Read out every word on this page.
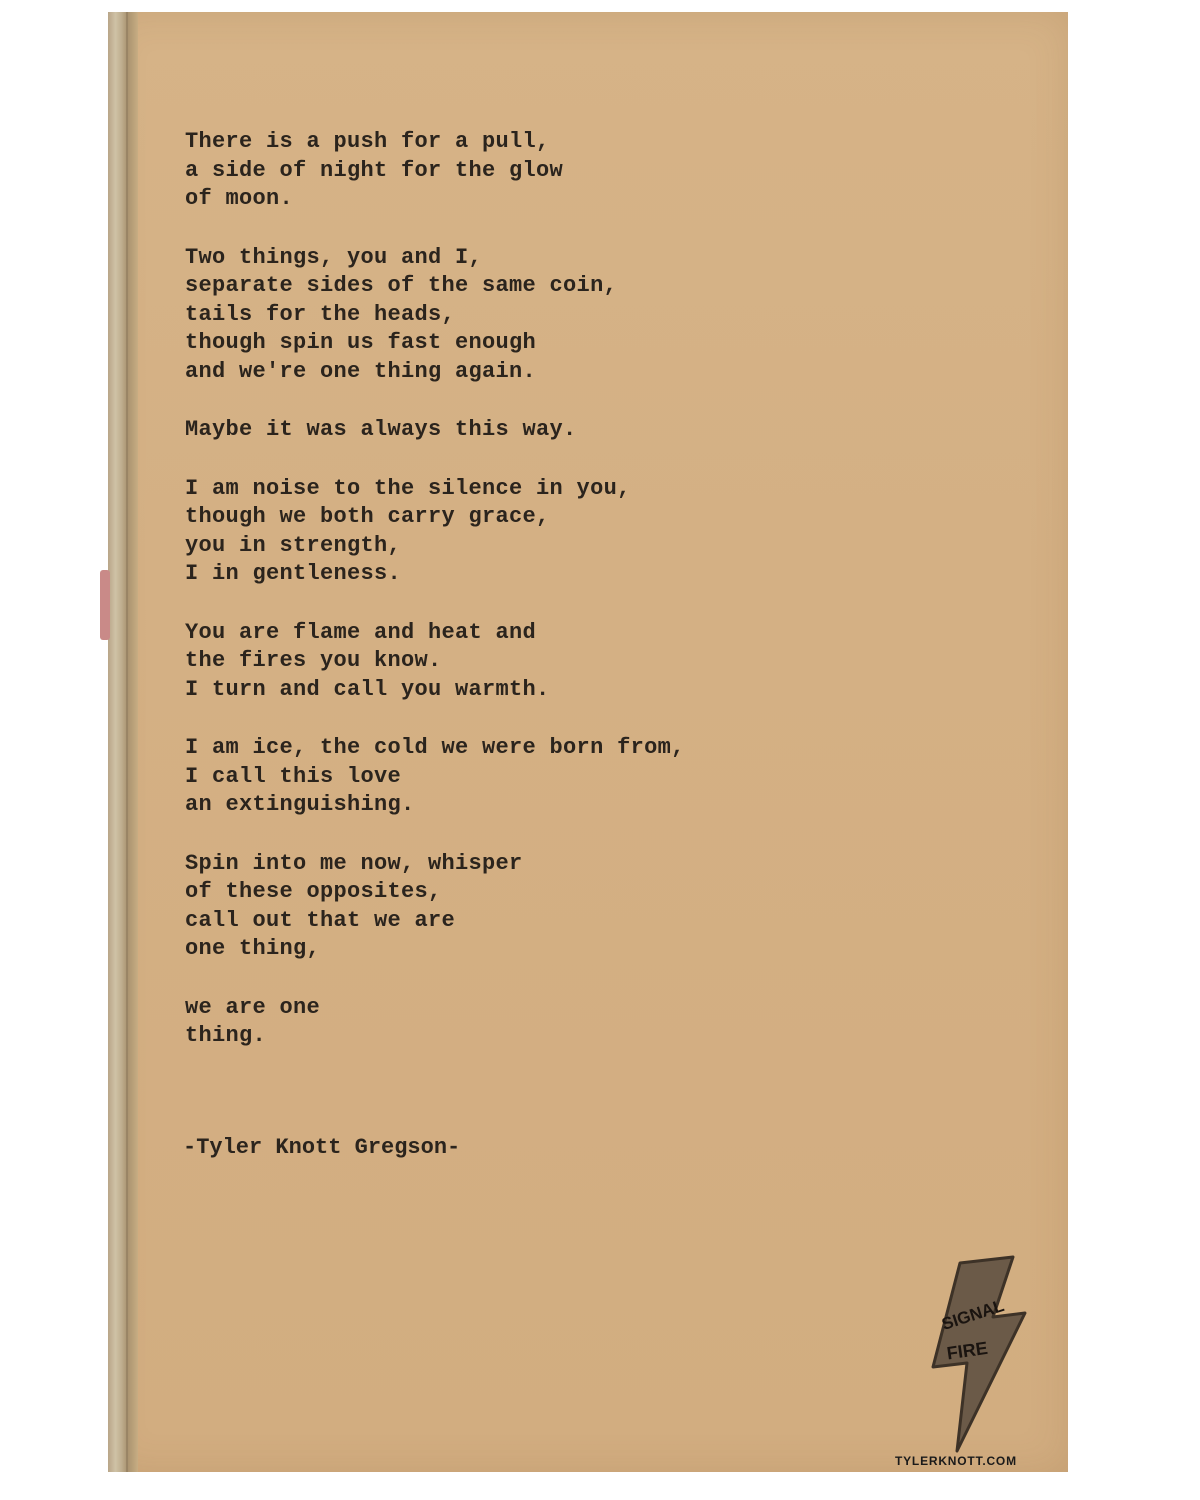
There is a push for a pull,
a side of night for the glow
of moon.
Two things, you and I,
separate sides of the same coin,
tails for the heads,
though spin us fast enough
and we're one thing again.
Maybe it was always this way.
I am noise to the silence in you,
though we both carry grace,
you in strength,
I in gentleness.
You are flame and heat and
the fires you know.
I turn and call you warmth.
I am ice, the cold we were born from,
I call this love
an extinguishing.
Spin into me now, whisper
of these opposites,
call out that we are
one thing,
we are one
thing.
-Tyler Knott Gregson-
SIGNAL
FIRE
TYLERKNOTT.COM
